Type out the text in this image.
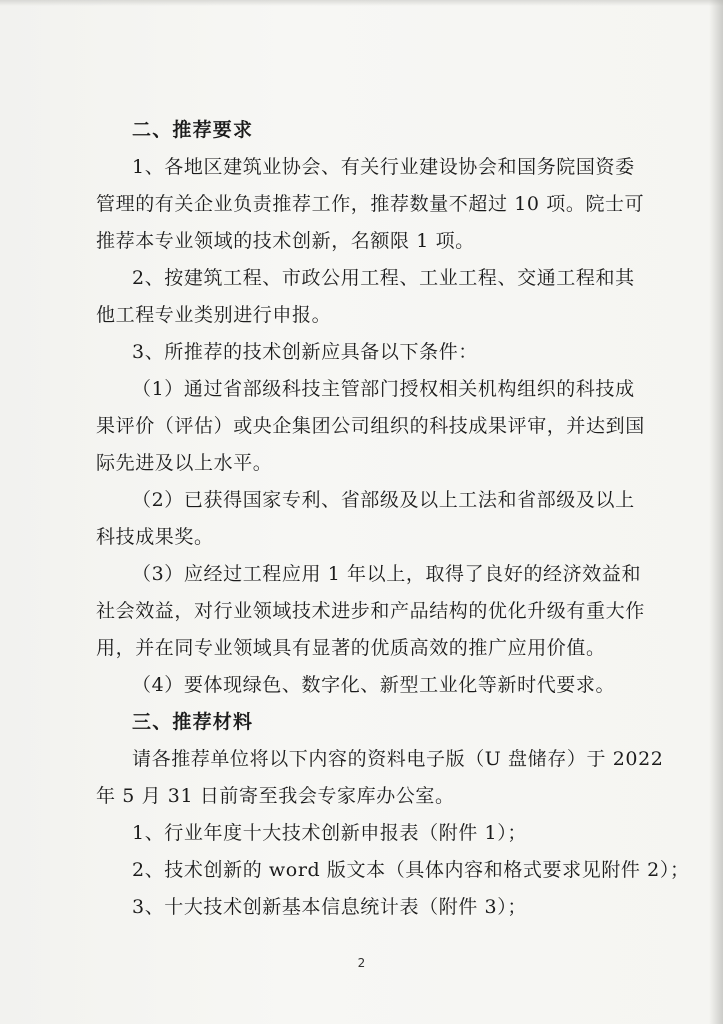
二、推荐要求
1、各地区建筑业协会、有关行业建设协会和国务院国资委
管理的有关企业负责推荐工作，推荐数量不超过 10 项。院士可
推荐本专业领域的技术创新，名额限 1 项。
2、按建筑工程、市政公用工程、工业工程、交通工程和其
他工程专业类别进行申报。
3、所推荐的技术创新应具备以下条件：
（1）通过省部级科技主管部门授权相关机构组织的科技成
果评价（评估）或央企集团公司组织的科技成果评审，并达到国
际先进及以上水平。
（2）已获得国家专利、省部级及以上工法和省部级及以上
科技成果奖。
（3）应经过工程应用 1 年以上，取得了良好的经济效益和
社会效益，对行业领域技术进步和产品结构的优化升级有重大作
用，并在同专业领域具有显著的优质高效的推广应用价值。
（4）要体现绿色、数字化、新型工业化等新时代要求。
三、推荐材料
请各推荐单位将以下内容的资料电子版（U 盘储存）于 2022
年 5 月 31 日前寄至我会专家库办公室。
1、行业年度十大技术创新申报表（附件 1）；
2、技术创新的 word 版文本（具体内容和格式要求见附件 2）；
3、十大技术创新基本信息统计表（附件 3）；
2
